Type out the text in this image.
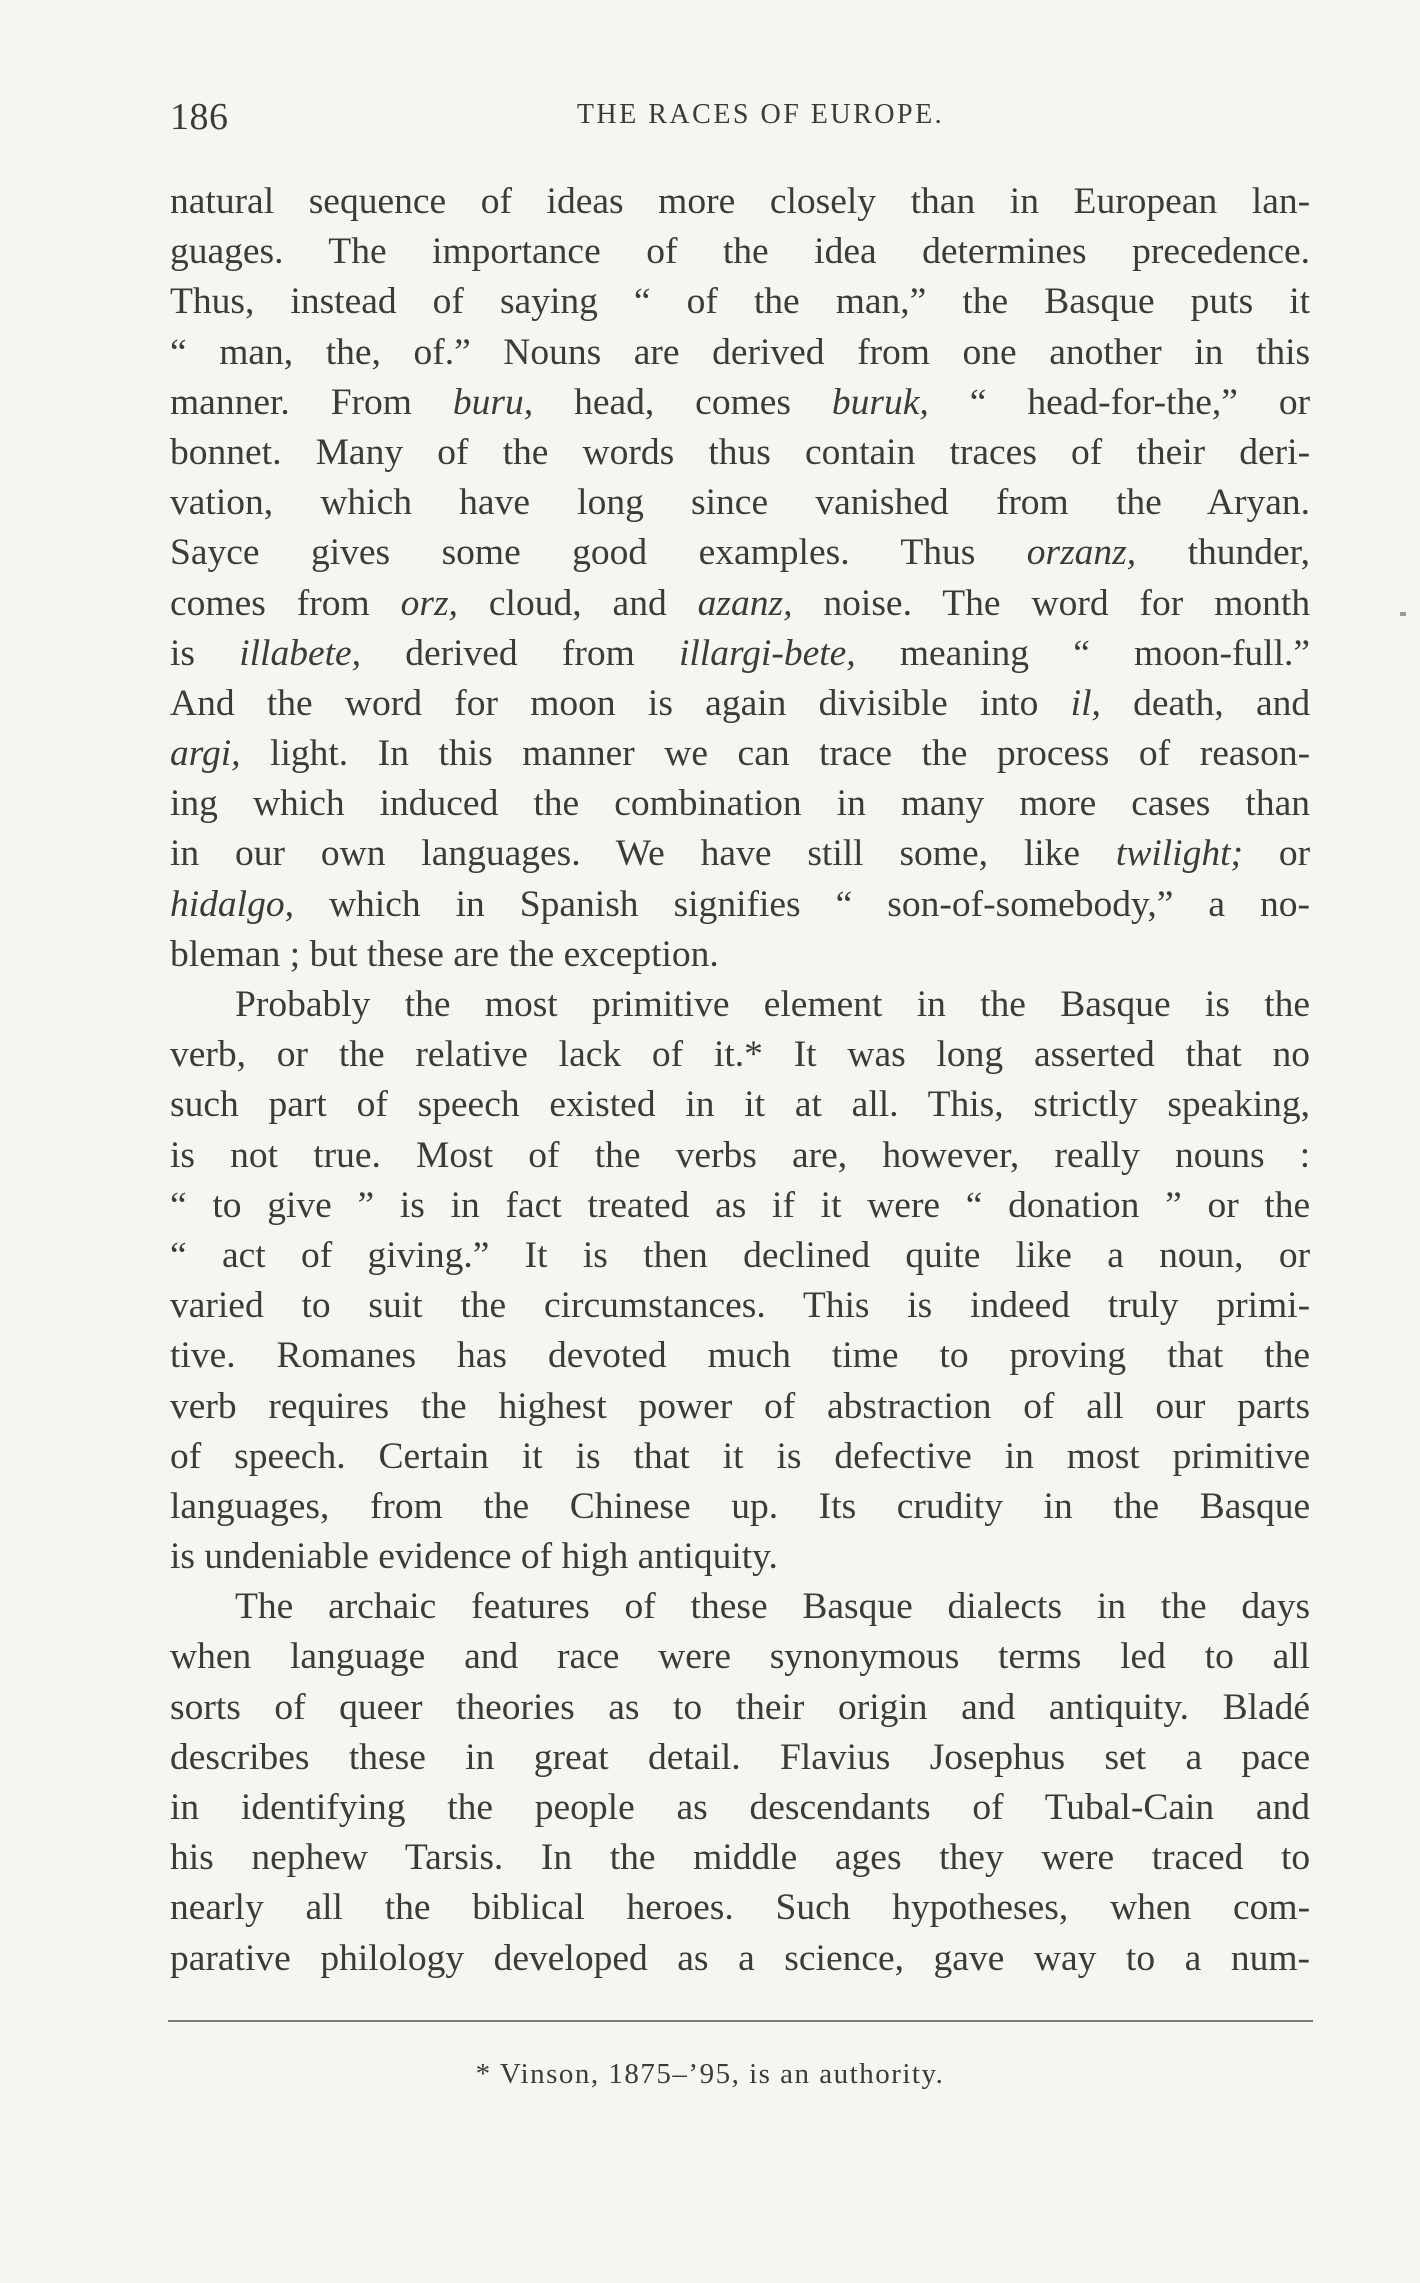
186	THE RACES OF EUROPE.
natural sequence of ideas more closely than in European lan-
guages. The importance of the idea determines precedence.
Thus, instead of saying “ of the man,” the Basque puts it
“ man, the, of.” Nouns are derived from one another in this
manner. From buru, head, comes buruk, “ head-for-the,” or
bonnet. Many of the words thus contain traces of their deri-
vation, which have long since vanished from the Aryan.
Sayce gives some good examples. Thus orzanz, thunder,
comes from orz, cloud, and azanz, noise. The word for month
is illabete, derived from illargi-bete, meaning “ moon-full.”
And the word for moon is again divisible into il, death, and
argi, light. In this manner we can trace the process of reason-
ing which induced the combination in many more cases than
in our own languages. We have still some, like twilight; or
hidalgo, which in Spanish signifies “ son-of-somebody,” a no-
bleman ; but these are the exception.
Probably the most primitive element in the Basque is the
verb, or the relative lack of it.* It was long asserted that no
such part of speech existed in it at all. This, strictly speaking,
is not true. Most of the verbs are, however, really nouns :
“ to give ” is in fact treated as if it were “ donation ” or the
“ act of giving.” It is then declined quite like a noun, or
varied to suit the circumstances. This is indeed truly primi-
tive. Romanes has devoted much time to proving that the
verb requires the highest power of abstraction of all our parts
of speech. Certain it is that it is defective in most primitive
languages, from the Chinese up. Its crudity in the Basque
is undeniable evidence of high antiquity.
The archaic features of these Basque dialects in the days
when language and race were synonymous terms led to all
sorts of queer theories as to their origin and antiquity. Bladé
describes these in great detail. Flavius Josephus set a pace
in identifying the people as descendants of Tubal-Cain and
his nephew Tarsis. In the middle ages they were traced to
nearly all the biblical heroes. Such hypotheses, when com-
parative philology developed as a science, gave way to a num-
* Vinson, 1875–’95, is an authority.
